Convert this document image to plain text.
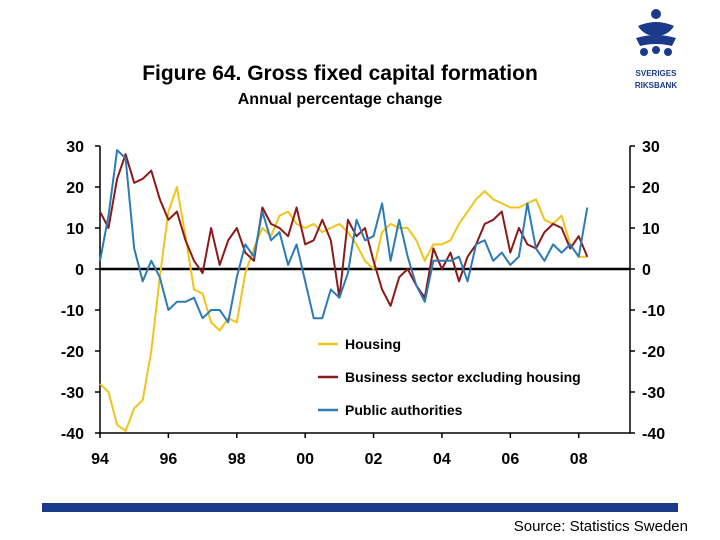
30	30
20	20
10	10
0	0
-10	-10
-20	-20
-30	-30
-40	-40
94	96	98	00	02	04	06	08
Housing
Business sector excluding housing
Public authorities
Figure 64. Gross fixed capital formation
Annual percentage change
SVERIGES
RIKSBANK
Source: Statistics Sweden
